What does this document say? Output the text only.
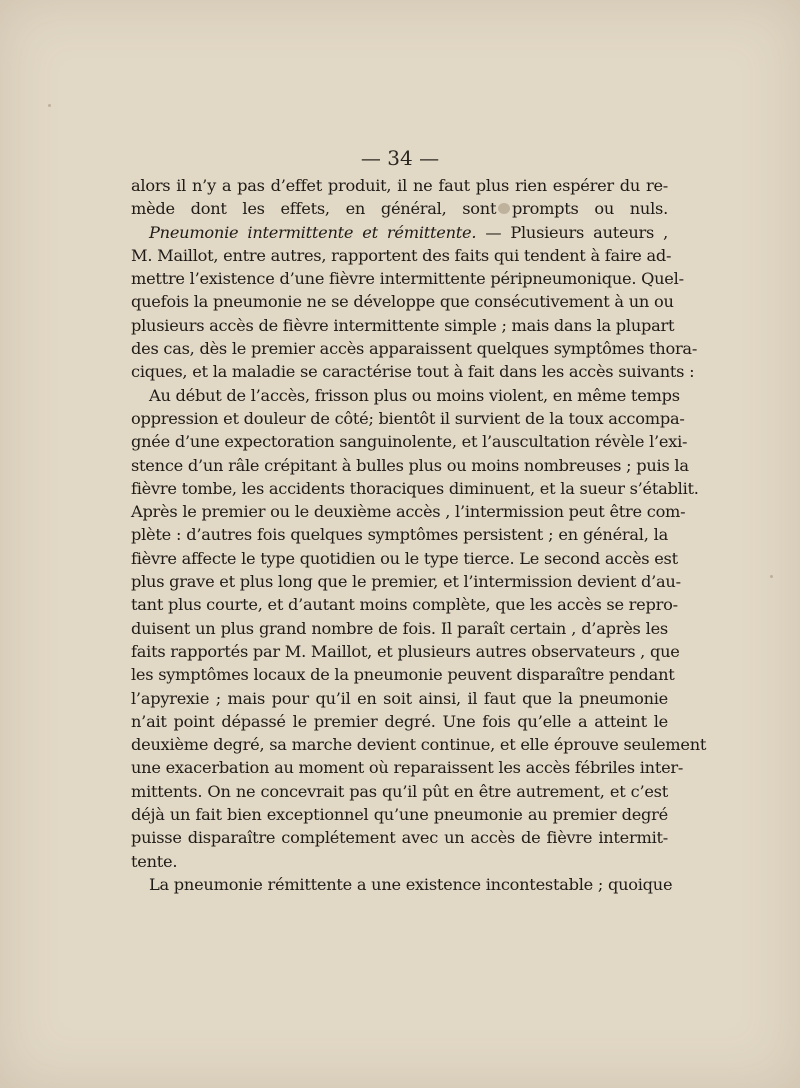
— 34 —
alors il n’y a pas d’effet produit, il ne faut plus rien espérer du re-
mède dont les effets, en général, sont prompts ou nuls.
Pneumonie intermittente et rémittente. — Plusieurs auteurs ,
M. Maillot, entre autres, rapportent des faits qui tendent à faire ad-
mettre l’existence d’une fièvre intermittente péripneumonique. Quel-
quefois la pneumonie ne se développe que consécutivement à un ou
plusieurs accès de fièvre intermittente simple ; mais dans la plupart
des cas, dès le premier accès apparaissent quelques symptômes thora-
ciques, et la maladie se caractérise tout à fait dans les accès suivants :
Au début de l’accès, frisson plus ou moins violent, en même temps
oppression et douleur de côté; bientôt il survient de la toux accompa-
gnée d’une expectoration sanguinolente, et l’auscultation révèle l’exi-
stence d’un râle crépitant à bulles plus ou moins nombreuses ; puis la
fièvre tombe, les accidents thoraciques diminuent, et la sueur s’établit.
Après le premier ou le deuxième accès , l’intermission peut être com-
plète : d’autres fois quelques symptômes persistent ; en général, la
fièvre affecte le type quotidien ou le type tierce. Le second accès est
plus grave et plus long que le premier, et l’intermission devient d’au-
tant plus courte, et d’autant moins complète, que les accès se repro-
duisent un plus grand nombre de fois. Il paraît certain , d’après les
faits rapportés par M. Maillot, et plusieurs autres observateurs , que
les symptômes locaux de la pneumonie peuvent disparaître pendant
l’apyrexie ; mais pour qu’il en soit ainsi, il faut que la pneumonie
n’ait point dépassé le premier degré. Une fois qu’elle a atteint le
deuxième degré, sa marche devient continue, et elle éprouve seulement
une exacerbation au moment où reparaissent les accès fébriles inter-
mittents. On ne concevrait pas qu’il pût en être autrement, et c’est
déjà un fait bien exceptionnel qu’une pneumonie au premier degré
puisse disparaître complétement avec un accès de fièvre intermit-
tente.
La pneumonie rémittente a une existence incontestable ; quoique
